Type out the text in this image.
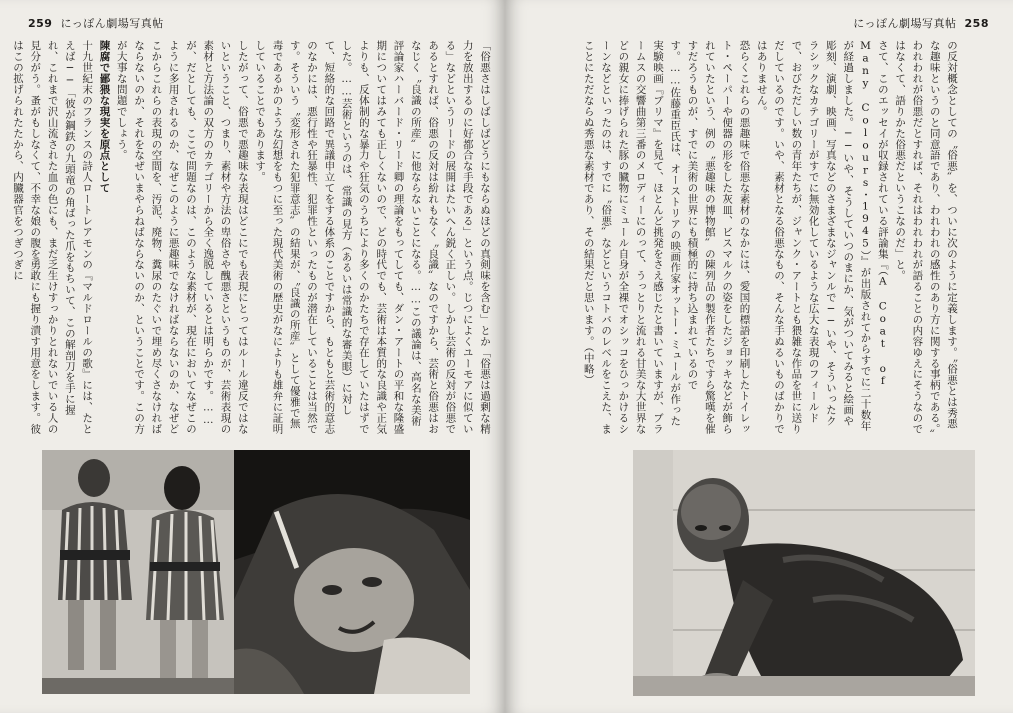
259 にっぽん劇場写真帖

「俗悪さはしばしばどうにもならぬほどの真剣味を含む」とか「俗悪は過剰な精力を放出するのに好都合な手段である」という点。じつによくユーモアに似ている」などというリードの展開はたいへん鋭く正しい。しかし芸術の反対が俗悪であるとすれば、俗悪の反対は紛れもなく〝良識〟なのですから、芸術と俗悪はおなじく〝良識の所産〟に他ならないことになる。……この議論は、高名な美術評論家ハーバード・リード卿の理論をもってしても、ダン・アートの平和な隆盛期についてはみても正しくないので、どの時代でも、芸術は本質的な良識や正気よりも、反体制的な暴力や狂気のうちにより多くのかたちで存在していたはずでした。……芸術というのは、常識の見方（あるいは常識的な審美眼）に対して、短絡的な回路で異議申立てをする体系のことですから、もともと芸術的意志のなかには、悪行性や狂暴性、犯罪性といったものが潜在していることは当然です。そういう〝変形された犯罪意志〟の結果が、〝良識の所産〟として優雅で無毒であるかのような幻想をもつに至った現代美術の歴史がなによりも雄弁に証明していることでもあります。

したがって、俗悪で悪趣味な表現はどこにでも表現にとってはルール違反ではないということ、つまり、素材や方法の卑俗さや醜悪さというものが、芸術表現の素材と方法論の双方のカテゴリーから全く逸脱しているとは明らかです。……が、だとしても、ここで問題なのは、このような素材が、現在においてなぜこのように多用されるのか、なぜこのように悪趣味でなければならないのか、なぜどこからこれらの表現の空間を、汚泥、廃物、糞尿のたぐいで埋め尽くさなければならないのか、それをなぜいまやらねばならないのか、ということです。この方が大事な問題でしょう。

陳腐で鄙猥な現実を原点として

十九世紀末のフランスの詩人ロートレアモンの『マルドロールの歌』には、たとえば──「彼が鋼鉄の九頭竜の角ばった爪をもちいて、この解剖刀を手に握れ、これまで沢山流された血の色にも、まだ乏生けすっかりとれないでいる人の見分がう。蚤がもしなくて、不幸な娘の腹を勇敢にも握り潰す用意をします。彼はこの拡げられたたから、内臓器官をつぎつぎに

にっぽん劇場写真帖 258

の反対概念としての〝俗悪〟を、ついに次のように定義します。〝俗悪とは秀悪な趣味というのと同意語であり、われわれの感性のあり方に関する事柄である。〟われわれが俗悪だとすれば、それはわれわれが語ることの内容ゆえにそうなのではなくて、語りかた俗悪だというこなのだ」と。

さて、このエッセイが収録されている評論集『（A Coat of Many Colours・1945）』が出版されてからすでに二十数年が経過しました。──いや、そうしていつのまにか、気がついてみると絵画や彫刻、演劇、映画、写真などのさまざまなジャンルで──いや、そういったクラシックなカテゴリーがすでに無効化しているような広大な表現のフィールドで、おびただしい数の青年たちが、ジャンク・アートとも猥雑な作品を世に送りだしているのです。いや、素材となる俗悪なもの、そんな手ぬるいものばかりではありません。

恐らくこれらの悪趣味で俗悪な素材のなかには、愛国的標語を印刷したトイレット・ペーパーや便器の形をした灰皿、ビスマルクの姿をしたジョッキなどが飾られていたという、例の〝悪趣味の博物館〟の陳列品の製作者たちですら驚嘆を催すだろうものが、すでに美術の世界にも積極的に持ち込まれているのです。……佐藤重臣氏は、オーストリアの映画作家オットー・ミュールが作った実験映画『ブリマ』を見て、ほとんど挑発をさえ感じたと書いていますが、ブラームスの交響曲第三番のメロディーにのって、うっとりと流れる甘美な大世界などの親女に捧げられた豚の臓物にミュール自身が全裸でオシッコをひっかけるシーンなどといったのは、すでに〝俗悪〟などというコトバのレベルをこえた、まことにただならぬ秀悪な素材であり、その結果だと思います。（中略）
